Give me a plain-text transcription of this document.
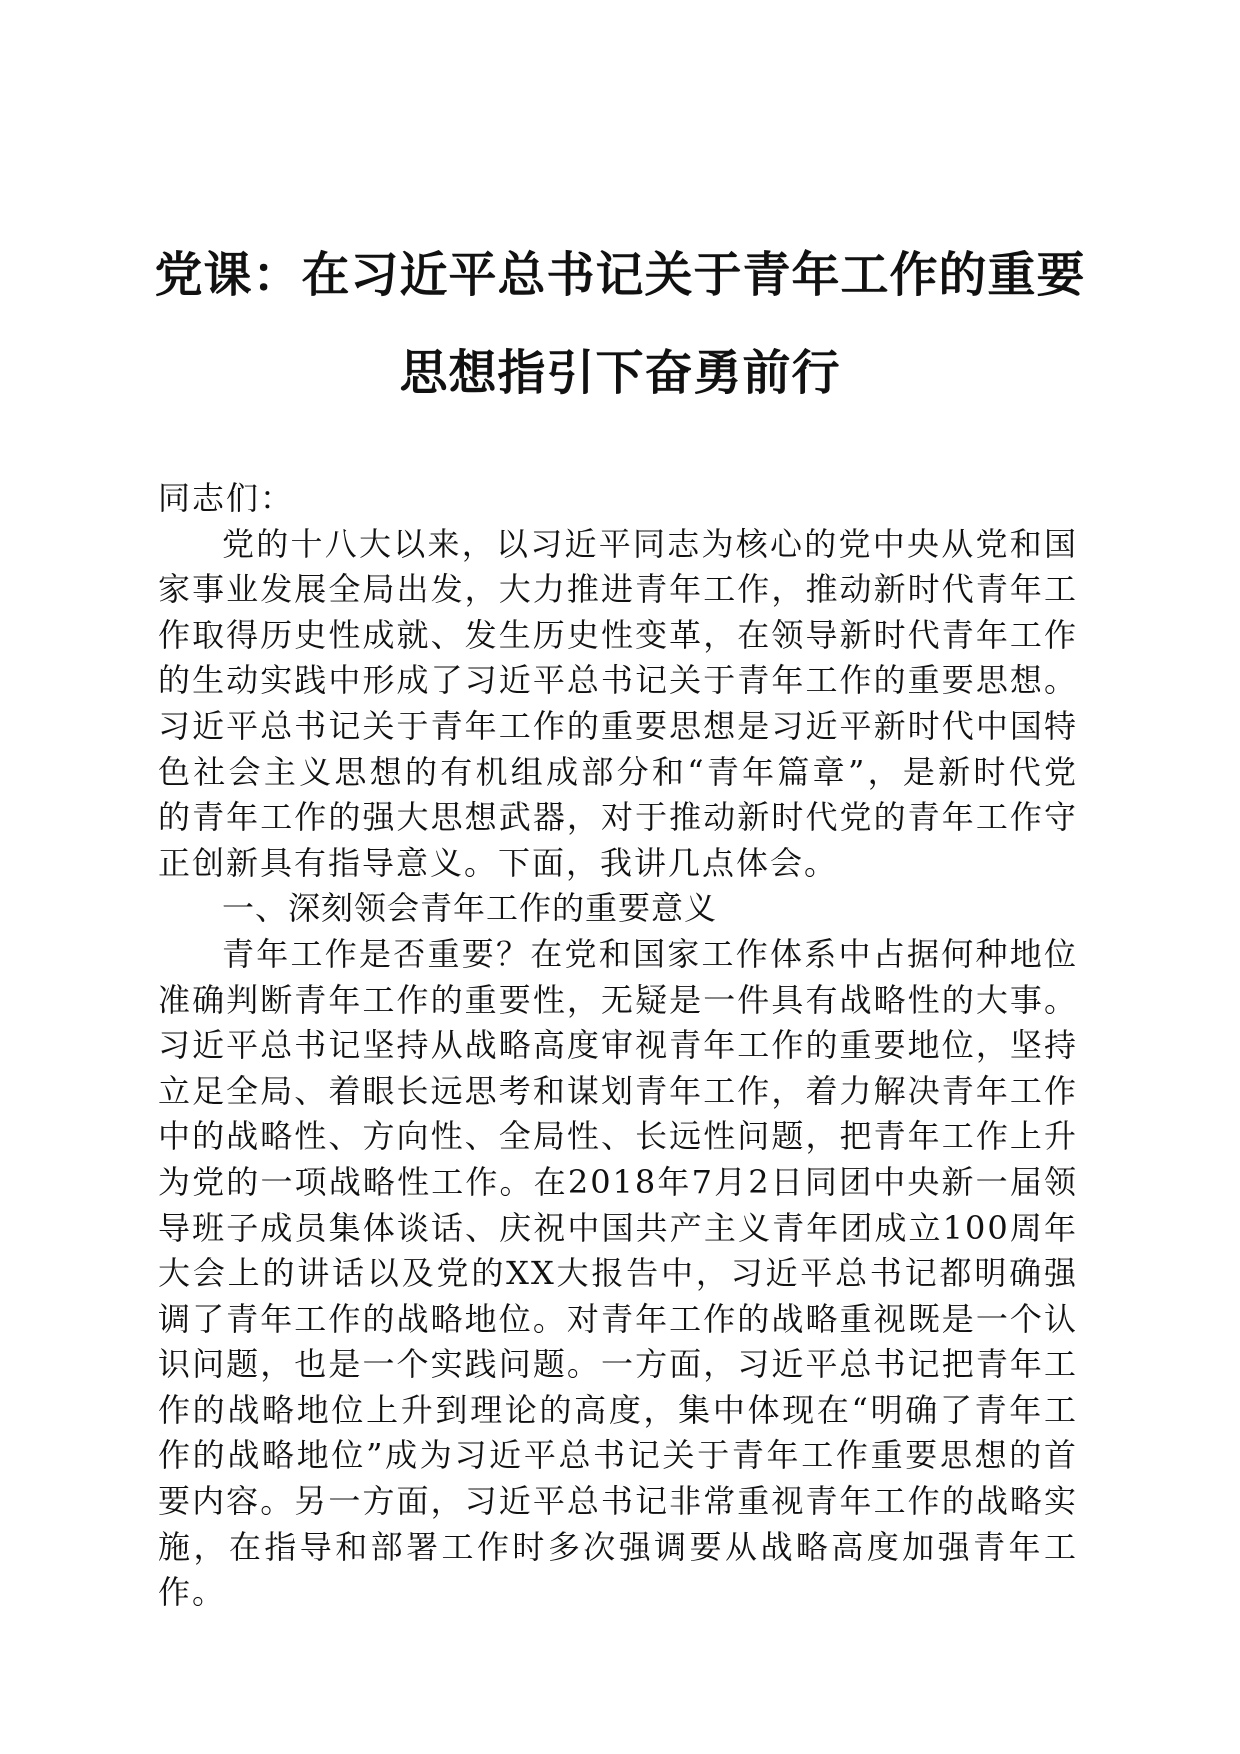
党课：在习近平总书记关于青年工作的重要思想指引下奋勇前行

同志们：

党的十八大以来，以习近平同志为核心的党中央从党和国家事业发展全局出发，大力推进青年工作，推动新时代青年工作取得历史性成就、发生历史性变革，在领导新时代青年工作的生动实践中形成了习近平总书记关于青年工作的重要思想。习近平总书记关于青年工作的重要思想是习近平新时代中国特色社会主义思想的有机组成部分和“青年篇章”，是新时代党的青年工作的强大思想武器，对于推动新时代党的青年工作守正创新具有指导意义。下面，我讲几点体会。

一、深刻领会青年工作的重要意义

青年工作是否重要？在党和国家工作体系中占据何种地位准确判断青年工作的重要性，无疑是一件具有战略性的大事。习近平总书记坚持从战略高度审视青年工作的重要地位，坚持立足全局、着眼长远思考和谋划青年工作，着力解决青年工作中的战略性、方向性、全局性、长远性问题，把青年工作上升为党的一项战略性工作。在2018年7月2日同团中央新一届领导班子成员集体谈话、庆祝中国共产主义青年团成立100周年大会上的讲话以及党的XX大报告中，习近平总书记都明确强调了青年工作的战略地位。对青年工作的战略重视既是一个认识问题，也是一个实践问题。一方面，习近平总书记把青年工作的战略地位上升到理论的高度，集中体现在“明确了青年工作的战略地位”成为习近平总书记关于青年工作重要思想的首要内容。另一方面，习近平总书记非常重视青年工作的战略实施，在指导和部署工作时多次强调要从战略高度加强青年工作。
